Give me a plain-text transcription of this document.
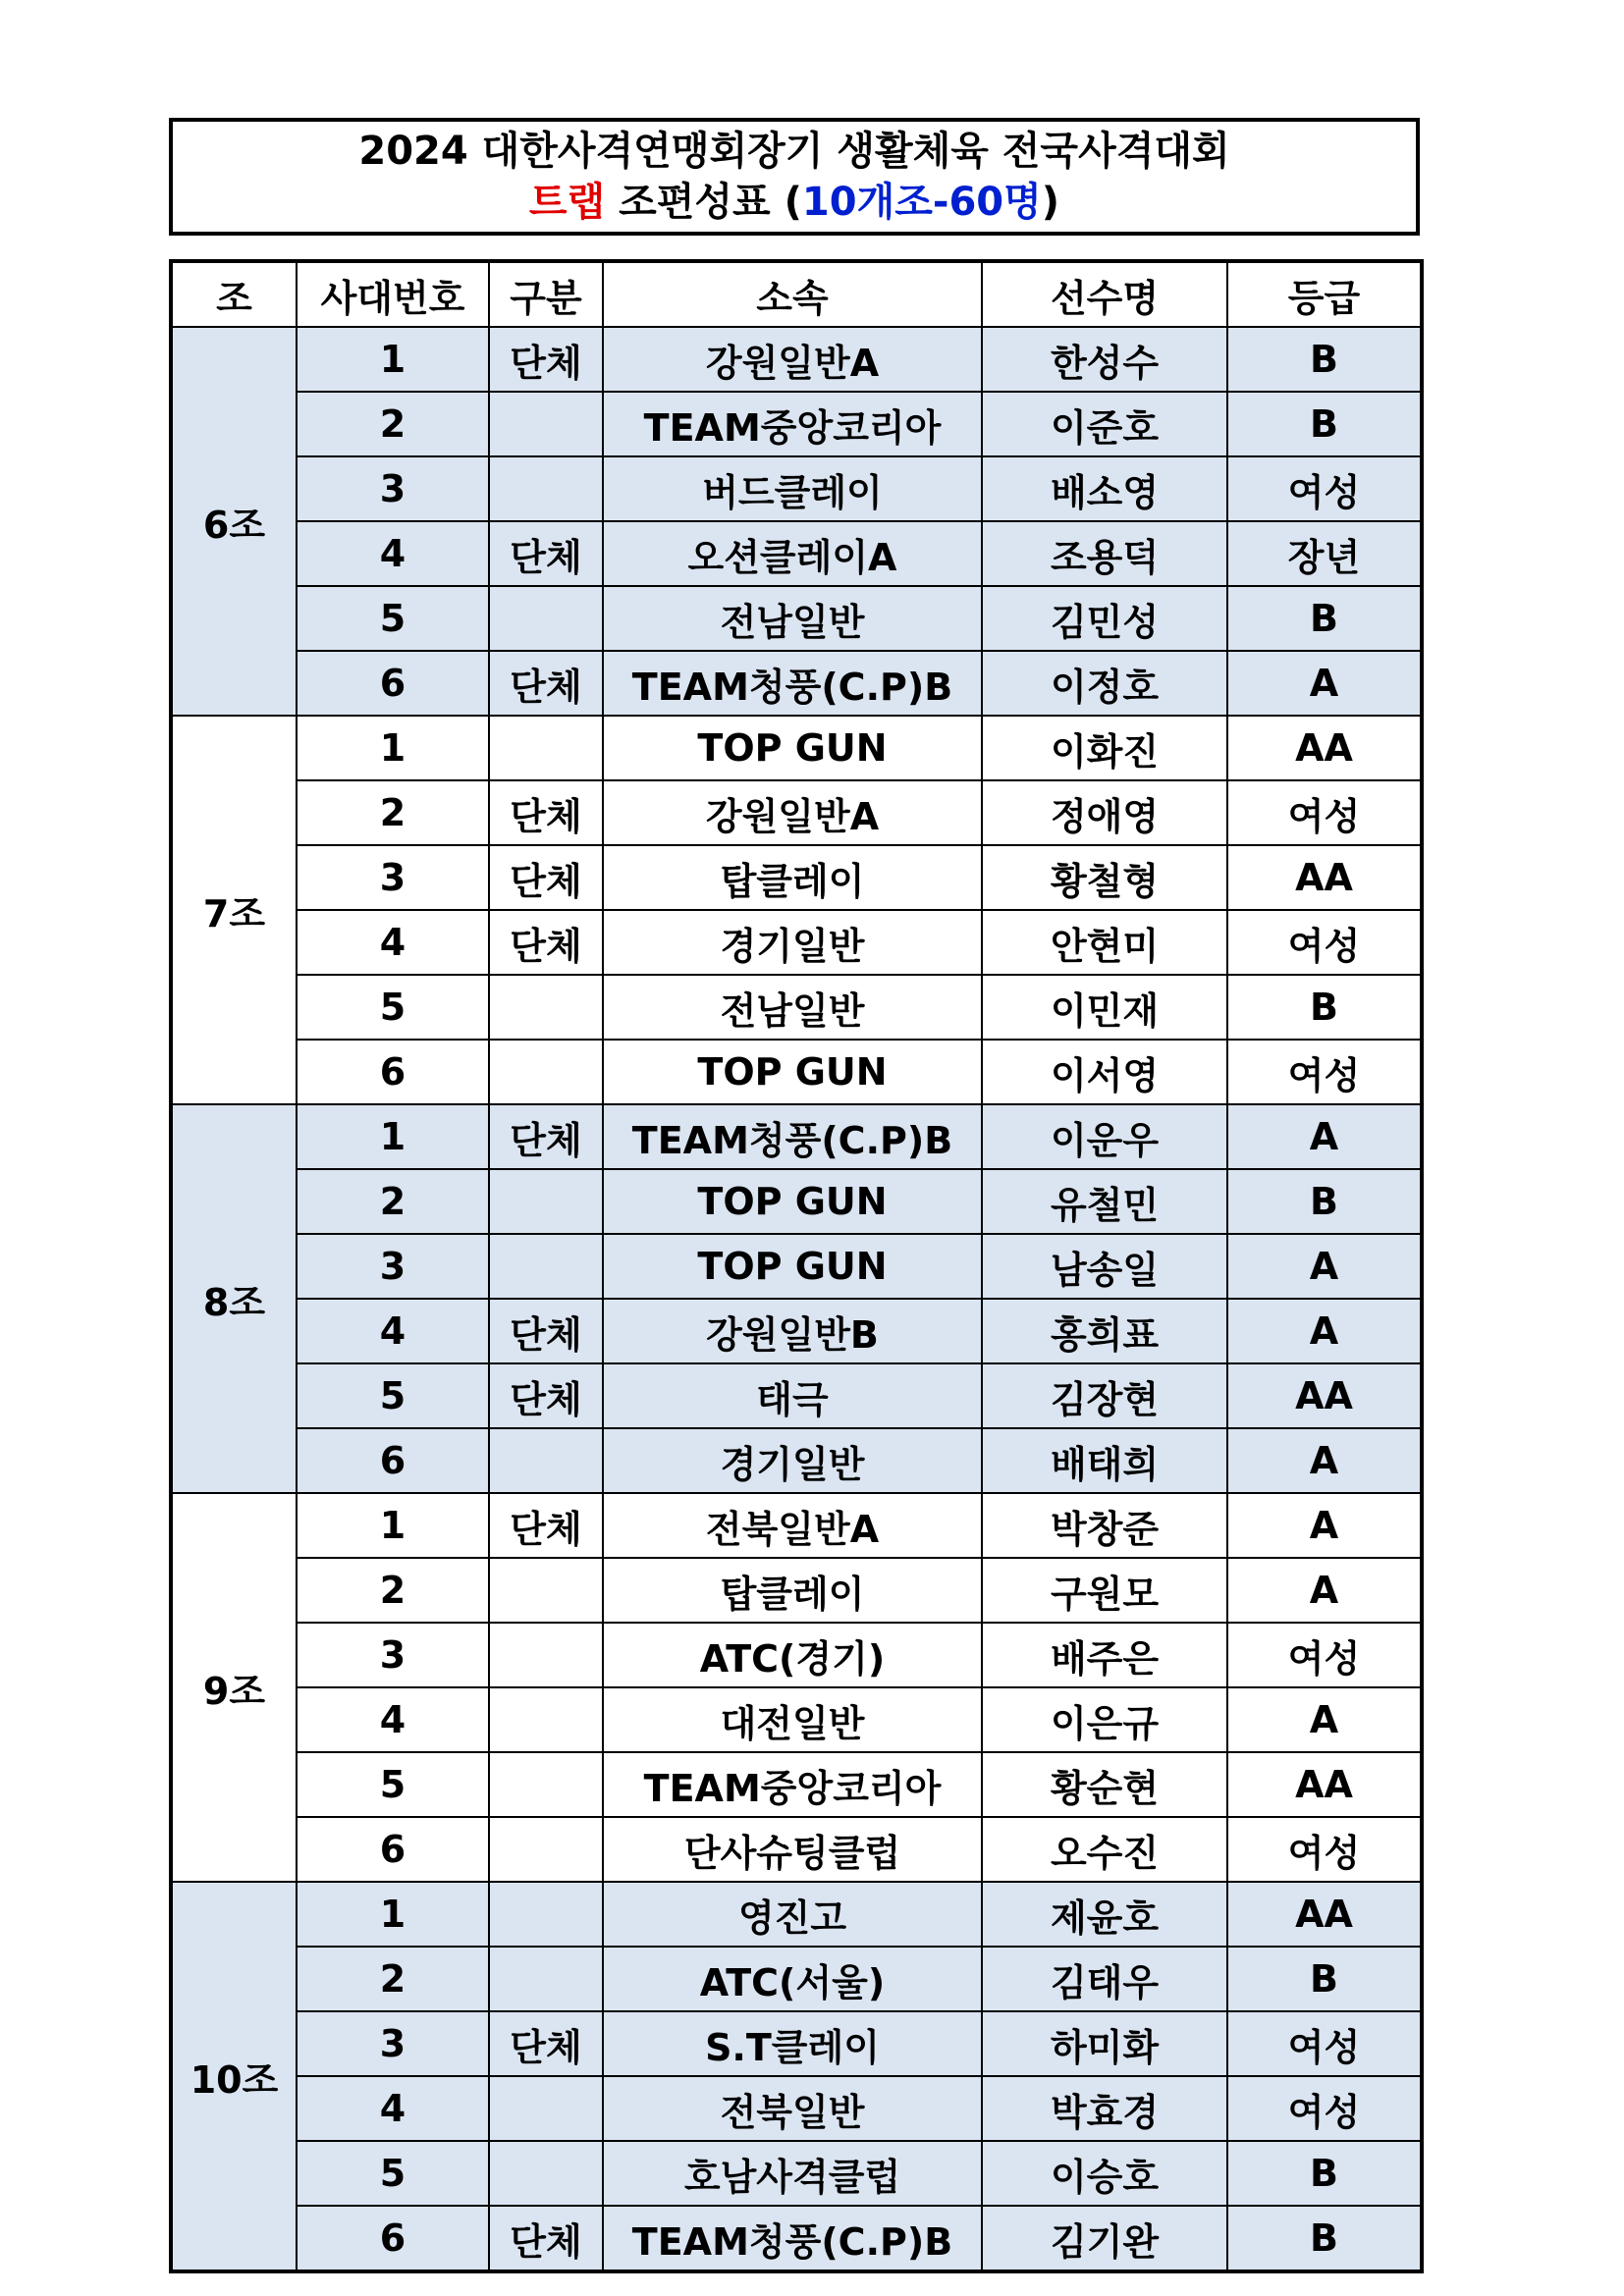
2024 대한사격연맹회장기 생활체육 전국사격대회
트랩 조편성표 (10개조-60명)
조	사대번호	구분	소속	선수명	등급
6조	1	단체	강원일반A	한성수	B
	2		TEAM중앙코리아	이준호	B
	3		버드클레이	배소영	여성
	4	단체	오션클레이A	조용덕	장년
	5		전남일반	김민성	B
	6	단체	TEAM청풍(C.P)B	이정호	A
7조	1		TOP GUN	이화진	AA
	2	단체	강원일반A	정애영	여성
	3	단체	탑클레이	황철형	AA
	4	단체	경기일반	안현미	여성
	5		전남일반	이민재	B
	6		TOP GUN	이서영	여성
8조	1	단체	TEAM청풍(C.P)B	이운우	A
	2		TOP GUN	유철민	B
	3		TOP GUN	남송일	A
	4	단체	강원일반B	홍희표	A
	5	단체	태극	김장현	AA
	6		경기일반	배태희	A
9조	1	단체	전북일반A	박창준	A
	2		탑클레이	구원모	A
	3		ATC(경기)	배주은	여성
	4		대전일반	이은규	A
	5		TEAM중앙코리아	황순현	AA
	6		단사슈팅클럽	오수진	여성
10조	1		영진고	제윤호	AA
	2		ATC(서울)	김태우	B
	3	단체	S.T클레이	하미화	여성
	4		전북일반	박효경	여성
	5		호남사격클럽	이승호	B
	6	단체	TEAM청풍(C.P)B	김기완	B
